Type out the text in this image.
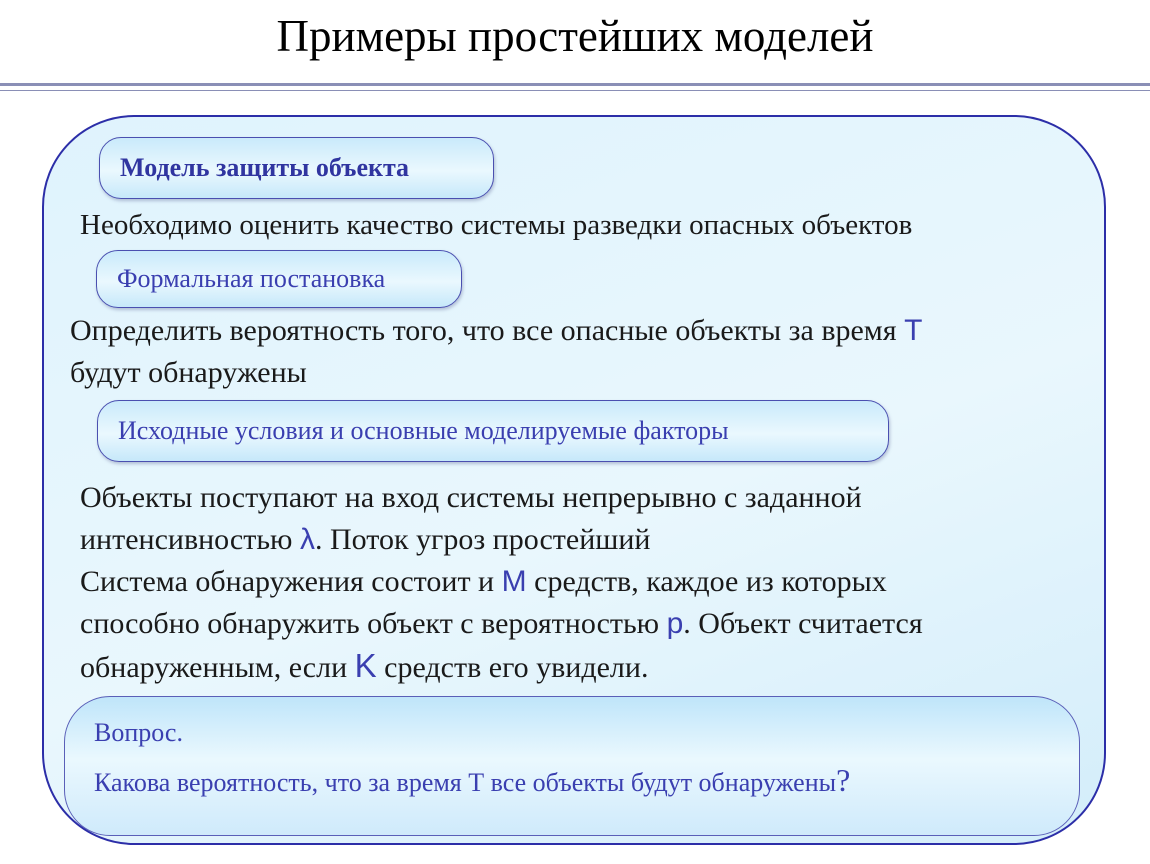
Примеры простейших моделей
Модель защиты объекта
Необходимо оценить качество системы разведки опасных объектов
Формальная постановка
Определить вероятность того, что все опасные объекты за время T
будут обнаружены
Исходные условия и основные моделируемые факторы
Объекты поступают на вход системы непрерывно с заданной
интенсивностью λ. Поток угроз простейший
Система обнаружения состоит и M средств, каждое из которых
способно обнаружить объект с вероятностью p. Объект считается
обнаруженным, если K средств его увидели.
Вопрос.
Какова вероятность, что за время Т все объекты будут обнаружены?
